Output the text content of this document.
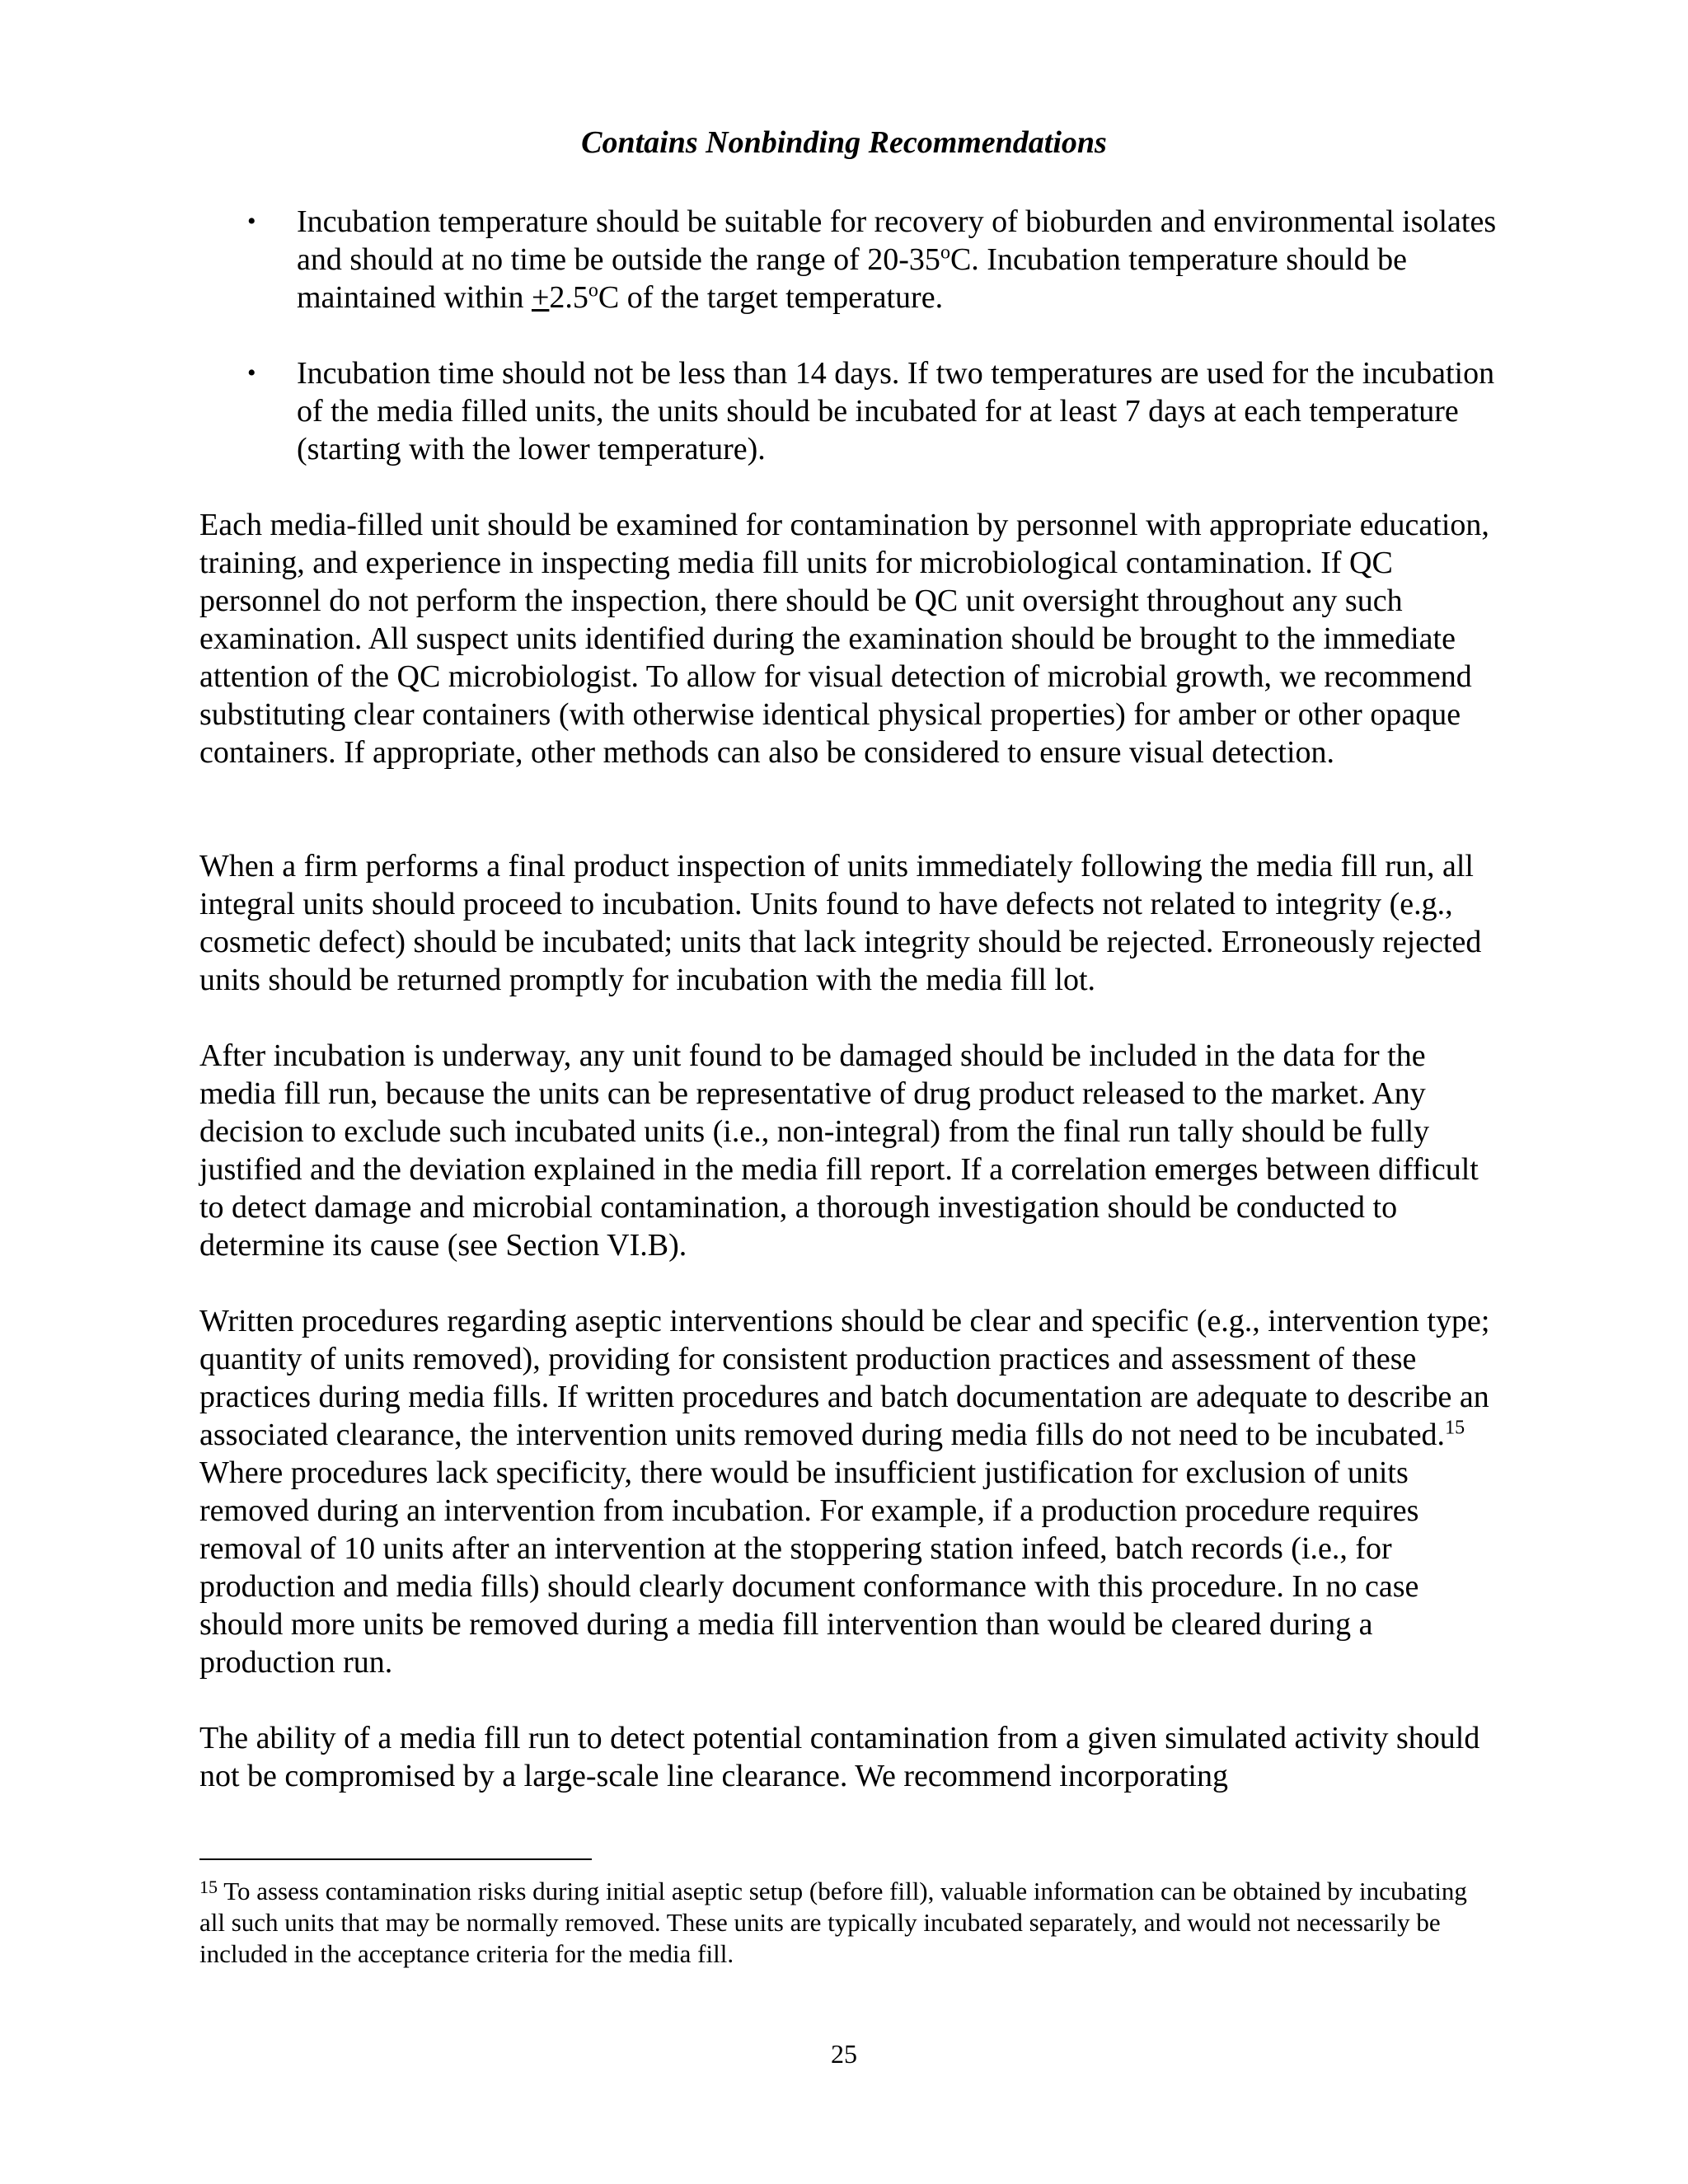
Contains Nonbinding Recommendations
•	Incubation temperature should be suitable for recovery of bioburden and environmental isolates and should at no time be outside the range of 20-35$^o$C. Incubation temperature should be maintained within $+2.5^oC$ of the target temperature.
•	Incubation time should not be less than 14 days. If two temperatures are used for the incubation of the media filled units, the units should be incubated for at least 7 days at each temperature (starting with the lower temperature).

Each media-filled unit should be examined for contamination by personnel with appropriate education, training, and experience in inspecting media fill units for microbiological contamination. If QC personnel do not perform the inspection, there should be QC unit oversight throughout any such examination. All suspect units identified during the examination should be brought to the immediate attention of the QC microbiologist. To allow for visual detection of microbial growth, we recommend substituting clear containers (with otherwise identical physical properties) for amber or other opaque containers. If appropriate, other methods can also be considered to ensure visual detection.

When a firm performs a final product inspection of units immediately following the media fill run, all integral units should proceed to incubation. Units found to have defects not related to integrity (e.g., cosmetic defect) should be incubated; units that lack integrity should be rejected. Erroneously rejected units should be returned promptly for incubation with the media fill lot.

After incubation is underway, any unit found to be damaged should be included in the data for the media fill run, because the units can be representative of drug product released to the market. Any decision to exclude such incubated units (i.e., non-integral) from the final run tally should be fully justified and the deviation explained in the media fill report. If a correlation emerges between difficult to detect damage and microbial contamination, a thorough investigation should be conducted to determine its cause (see Section VI.B).

Written procedures regarding aseptic interventions should be clear and specific (e.g., intervention type; quantity of units removed), providing for consistent production practices and assessment of these practices during media fills. If written procedures and batch documentation are adequate to describe an associated clearance, the intervention units removed during media fills do not need to be incubated.$^{15}$ Where procedures lack specificity, there would be insufficient justification for exclusion of units removed during an intervention from incubation. For example, if a production procedure requires removal of 10 units after an intervention at the stoppering station infeed, batch records (i.e., for production and media fills) should clearly document conformance with this procedure. In no case should more units be removed during a media fill intervention than would be cleared during a production run.

The ability of a media fill run to detect potential contamination from a given simulated activity should not be compromised by a large-scale line clearance. We recommend incorporating

$^{15}$ To assess contamination risks during initial aseptic setup (before fill), valuable information can be obtained by incubating all such units that may be normally removed. These units are typically incubated separately, and would not necessarily be included in the acceptance criteria for the media fill.
25
